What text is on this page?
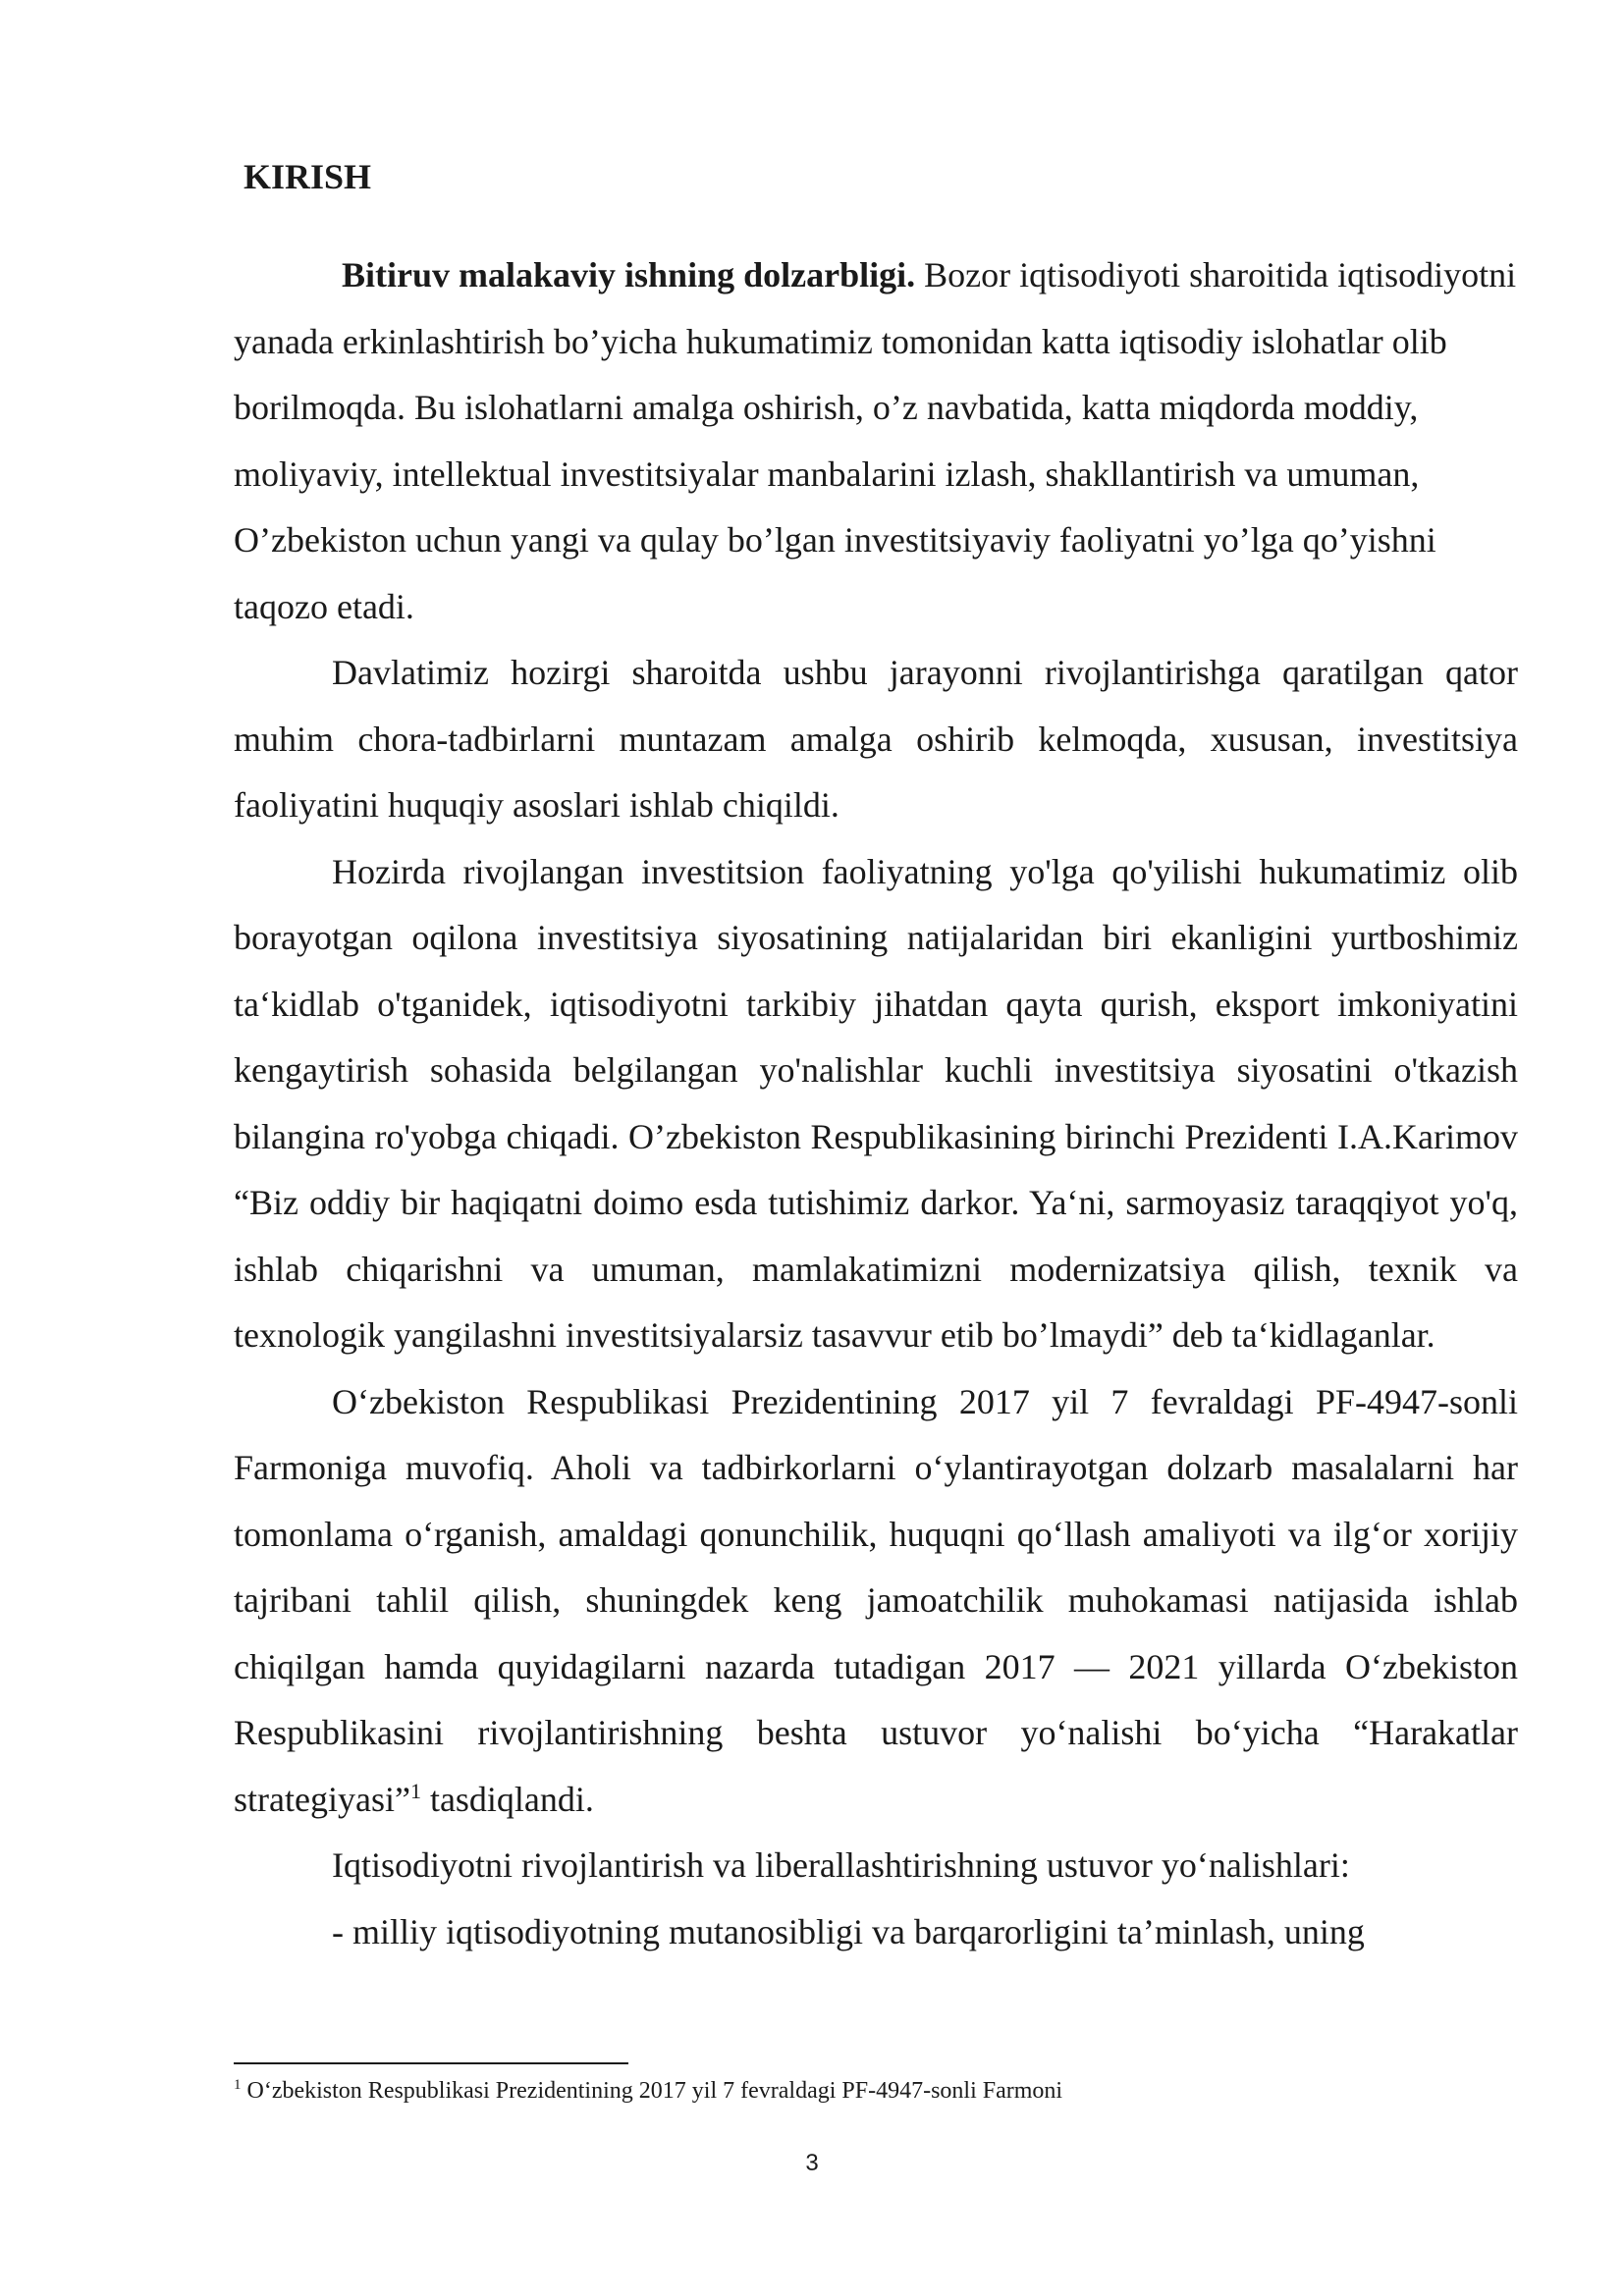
KIRISH

Bitiruv malakaviy ishning dolzarbligi. Bozor iqtisodiyoti sharoitida iqtisodiyotni yanada erkinlashtirish bo’yicha hukumatimiz tomonidan katta iqtisodiy islohatlar olib borilmoqda. Bu islohatlarni amalga oshirish, o’z navbatida, katta miqdorda moddiy, moliyaviy, intellektual investitsiyalar manbalarini izlash, shakllantirish va umuman, O’zbekiston uchun yangi va qulay bo’lgan investitsiyaviy faoliyatni yo’lga qo’yishni taqozo etadi.

Davlatimiz hozirgi sharoitda ushbu jarayonni rivojlantirishga qaratilgan qator muhim chora-tadbirlarni muntazam amalga oshirib kelmoqda, xususan, investitsiya faoliyatini huquqiy asoslari ishlab chiqildi.

Hozirda rivojlangan investitsion faoliyatning yo'lga qo'yilishi hukumatimiz olib borayotgan oqilona investitsiya siyosatining natijalaridan biri ekanligini yurtboshimiz ta‘kidlab o'tganidek, iqtisodiyotni tarkibiy jihatdan qayta qurish, eksport imkoniyatini kengaytirish sohasida belgilangan yo'nalishlar kuchli investitsiya siyosatini o'tkazish bilangina ro'yobga chiqadi. O’zbekiston Respublikasining birinchi Prezidenti I.A.Karimov “Biz oddiy bir haqiqatni doimo esda tutishimiz darkor. Ya‘ni, sarmoyasiz taraqqiyot yo'q, ishlab chiqarishni va umuman, mamlakatimizni modernizatsiya qilish, texnik va texnologik yangilashni investitsiyalarsiz tasavvur etib bo’lmaydi” deb ta‘kidlaganlar.

O‘zbekiston Respublikasi Prezidentining 2017 yil 7 fevraldagi PF-4947-sonli Farmoniga muvofiq. Aholi va tadbirkorlarni o‘ylantirayotgan dolzarb masalalarni har tomonlama o‘rganish, amaldagi qonunchilik, huquqni qo‘llash amaliyoti va ilg‘or xorijiy tajribani tahlil qilish, shuningdek keng jamoatchilik muhokamasi natijasida ishlab chiqilgan hamda quyidagilarni nazarda tutadigan 2017 — 2021 yillarda O‘zbekiston Respublikasini rivojlantirishning beshta ustuvor yo‘nalishi bo‘yicha “Harakatlar strategiyasi”$^1$ tasdiqlandi.

Iqtisodiyotni rivojlantirish va liberallashtirishning ustuvor yo‘nalishlari:

- milliy iqtisodiyotning mutanosibligi va barqarorligini ta’minlash, uning

$^1$ O‘zbekiston Respublikasi Prezidentining 2017 yil 7 fevraldagi PF-4947-sonli Farmoni
3
